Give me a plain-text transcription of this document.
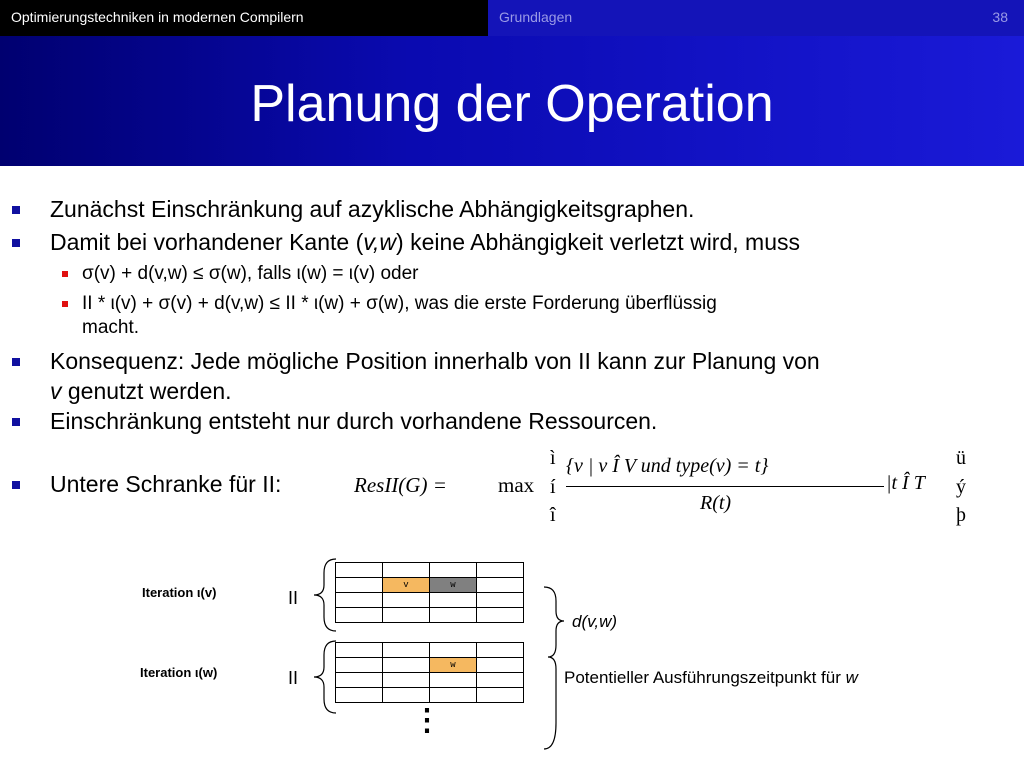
Optimierungstechniken in modernen Compilern	Grundlagen	38
Planung der Operation
Zunächst Einschränkung auf azyklische Abhängigkeitsgraphen.
Damit bei vorhandener Kante (v,w) keine Abhängigkeit verletzt wird, muss
σ(v) + d(v,w) ≤ σ(w), falls ι(w) = ι(v) oder
II * ι(v) + σ(v) + d(v,w) ≤ II * ι(w) + σ(w), was die erste Forderung überflüssig
macht.
Konsequenz: Jede mögliche Position innerhalb von II kann zur Planung von
v genutzt werden.
Einschränkung entsteht nur durch vorhandene Ressourcen.
Untere Schranke für II:	ResII(G) = max
ì
í
î
{v | v Î V und type(v) = t}
R(t)
|t Î T
ü
ý
þ
Iteration ι(v)
Iteration ι(w)
II
II

	v	w	

		w	

⋮
d(v,w)
Potentieller Ausführungszeitpunkt für w
